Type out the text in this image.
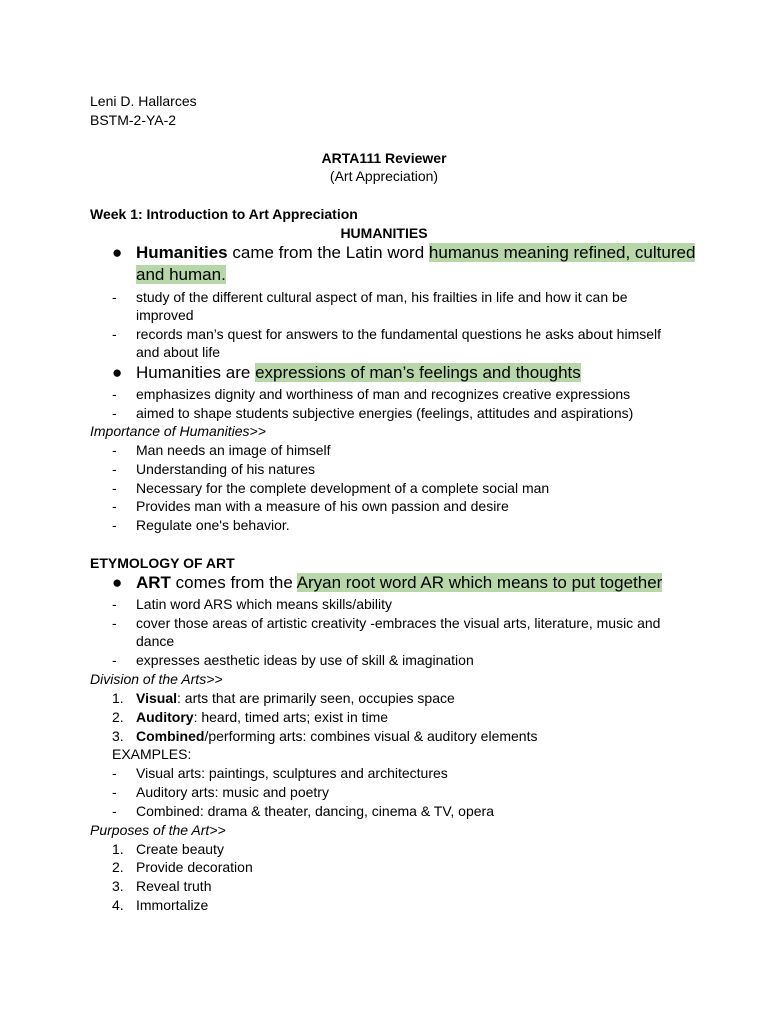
Leni D. Hallarces

BSTM-2-YA-2

ARTA111 Reviewer

(Art Appreciation)

Week 1: Introduction to Art Appreciation

HUMANITIES

● Humanities came from the Latin word humanus meaning refined, cultured

and human.

- study of the different cultural aspect of man, his frailties in life and how it can be

improved

- records man’s quest for answers to the fundamental questions he asks about himself

and about life

● Humanities are expressions of man’s feelings and thoughts

- emphasizes dignity and worthiness of man and recognizes creative expressions

- aimed to shape students subjective energies (feelings, attitudes and aspirations)

Importance of Humanities>>

- Man needs an image of himself

- Understanding of his natures

- Necessary for the complete development of a complete social man

- Provides man with a measure of his own passion and desire

- Regulate one's behavior.

ETYMOLOGY OF ART

● ART comes from the Aryan root word AR which means to put together

- Latin word ARS which means skills/ability

- cover those areas of artistic creativity -embraces the visual arts, literature, music and

dance

- expresses aesthetic ideas by use of skill & imagination

Division of the Arts>>

1. Visual: arts that are primarily seen, occupies space

2. Auditory: heard, timed arts; exist in time

3. Combined/performing arts: combines visual & auditory elements

EXAMPLES:

- Visual arts: paintings, sculptures and architectures

- Auditory arts: music and poetry

- Combined: drama & theater, dancing, cinema & TV, opera

Purposes of the Art>>

1. Create beauty

2. Provide decoration

3. Reveal truth

4. Immortalize
